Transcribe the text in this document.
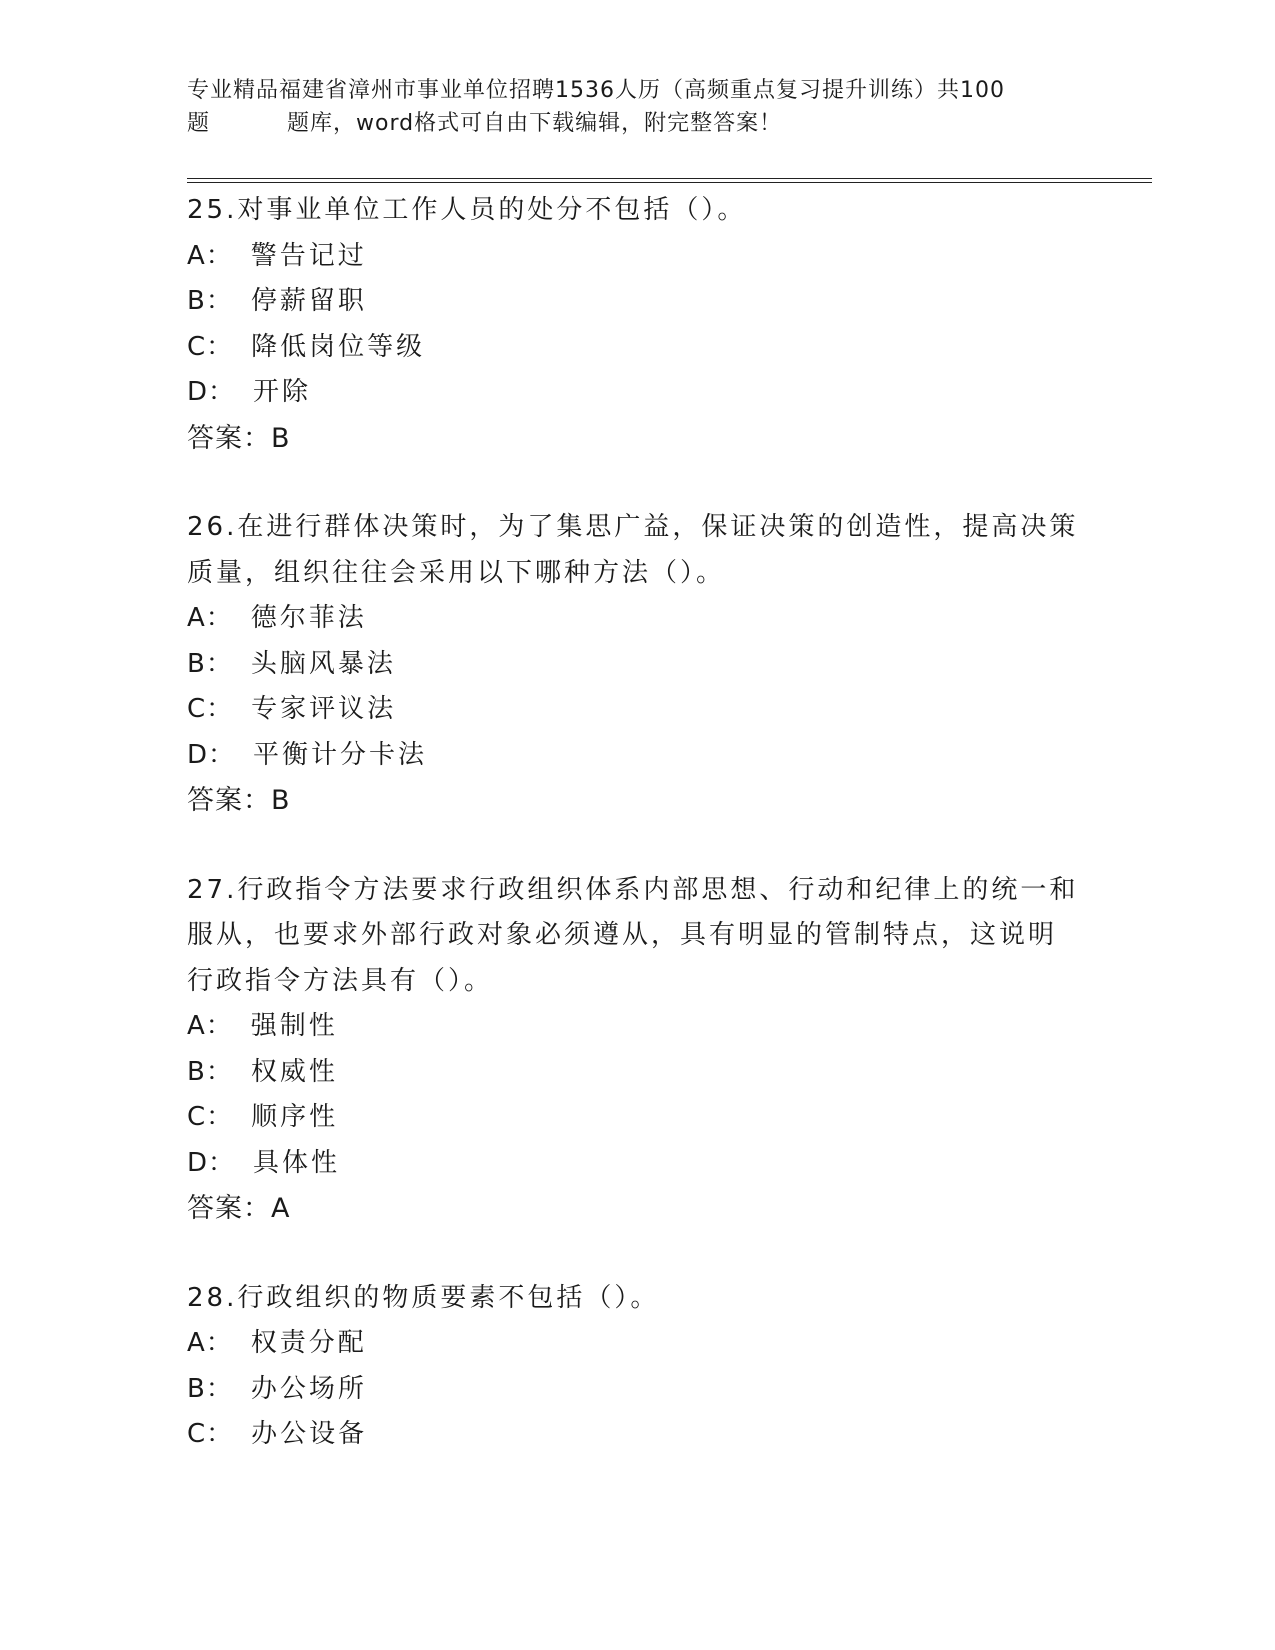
专业精品福建省漳州市事业单位招聘1536人历（高频重点复习提升训练）共100
题	题库，word格式可自由下载编辑，附完整答案！
25.对事业单位工作人员的处分不包括（）。
A： 警告记过
B： 停薪留职
C： 降低岗位等级
D： 开除
答案：B
26.在进行群体决策时，为了集思广益，保证决策的创造性，提高决策
质量，组织往往会采用以下哪种方法（）。
A： 德尔菲法
B： 头脑风暴法
C： 专家评议法
D： 平衡计分卡法
答案：B
27.行政指令方法要求行政组织体系内部思想、行动和纪律上的统一和
服从，也要求外部行政对象必须遵从，具有明显的管制特点，这说明
行政指令方法具有（）。
A： 强制性
B： 权威性
C： 顺序性
D： 具体性
答案：A
28.行政组织的物质要素不包括（）。
A： 权责分配
B： 办公场所
C： 办公设备
